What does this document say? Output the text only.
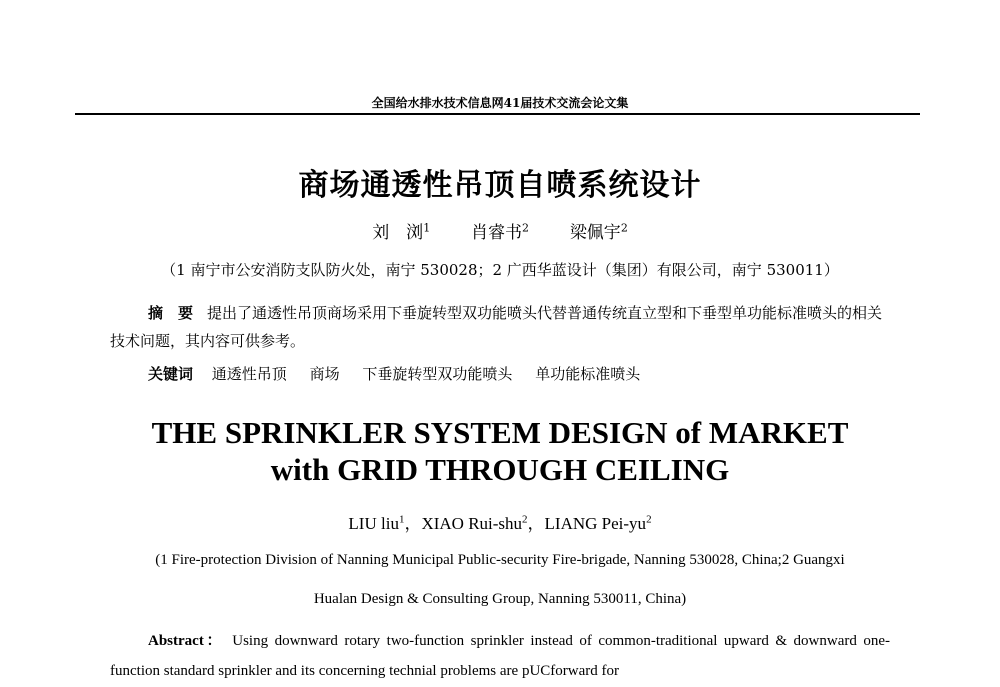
全国给水排水技术信息网41届技术交流会论文集
商场通透性吊顶自喷系统设计
刘　浏$^1$ 肖睿书$^2$ 梁佩宇$^2$
（1 南宁市公安消防支队防火处，南宁 530028；2 广西华蓝设计（集团）有限公司，南宁 530011）
摘　要 提出了通透性吊顶商场采用下垂旋转型双功能喷头代替普通传统直立型和下垂型单功能标准喷头的相关技术问题，其内容可供参考。
关键词 通透性吊顶 商场 下垂旋转型双功能喷头 单功能标准喷头
THE SPRINKLER SYSTEM DESIGN of MARKET
with GRID THROUGH CEILING
LIU liu$^1$，XIAO Rui-shu$^2$，LIANG Pei-$yu^2$
(1 Fire-protection Division of Nanning Municipal Public-security Fire-brigade, Nanning 530028, China;2 Guangxi
Hualan Design & Consulting Group, Nanning 530011, China)
Abstract： Using downward rotary two-function sprinkler instead of common-traditional upward & downward one-function standard sprinkler and its concerning technial problems are pUCforward for
